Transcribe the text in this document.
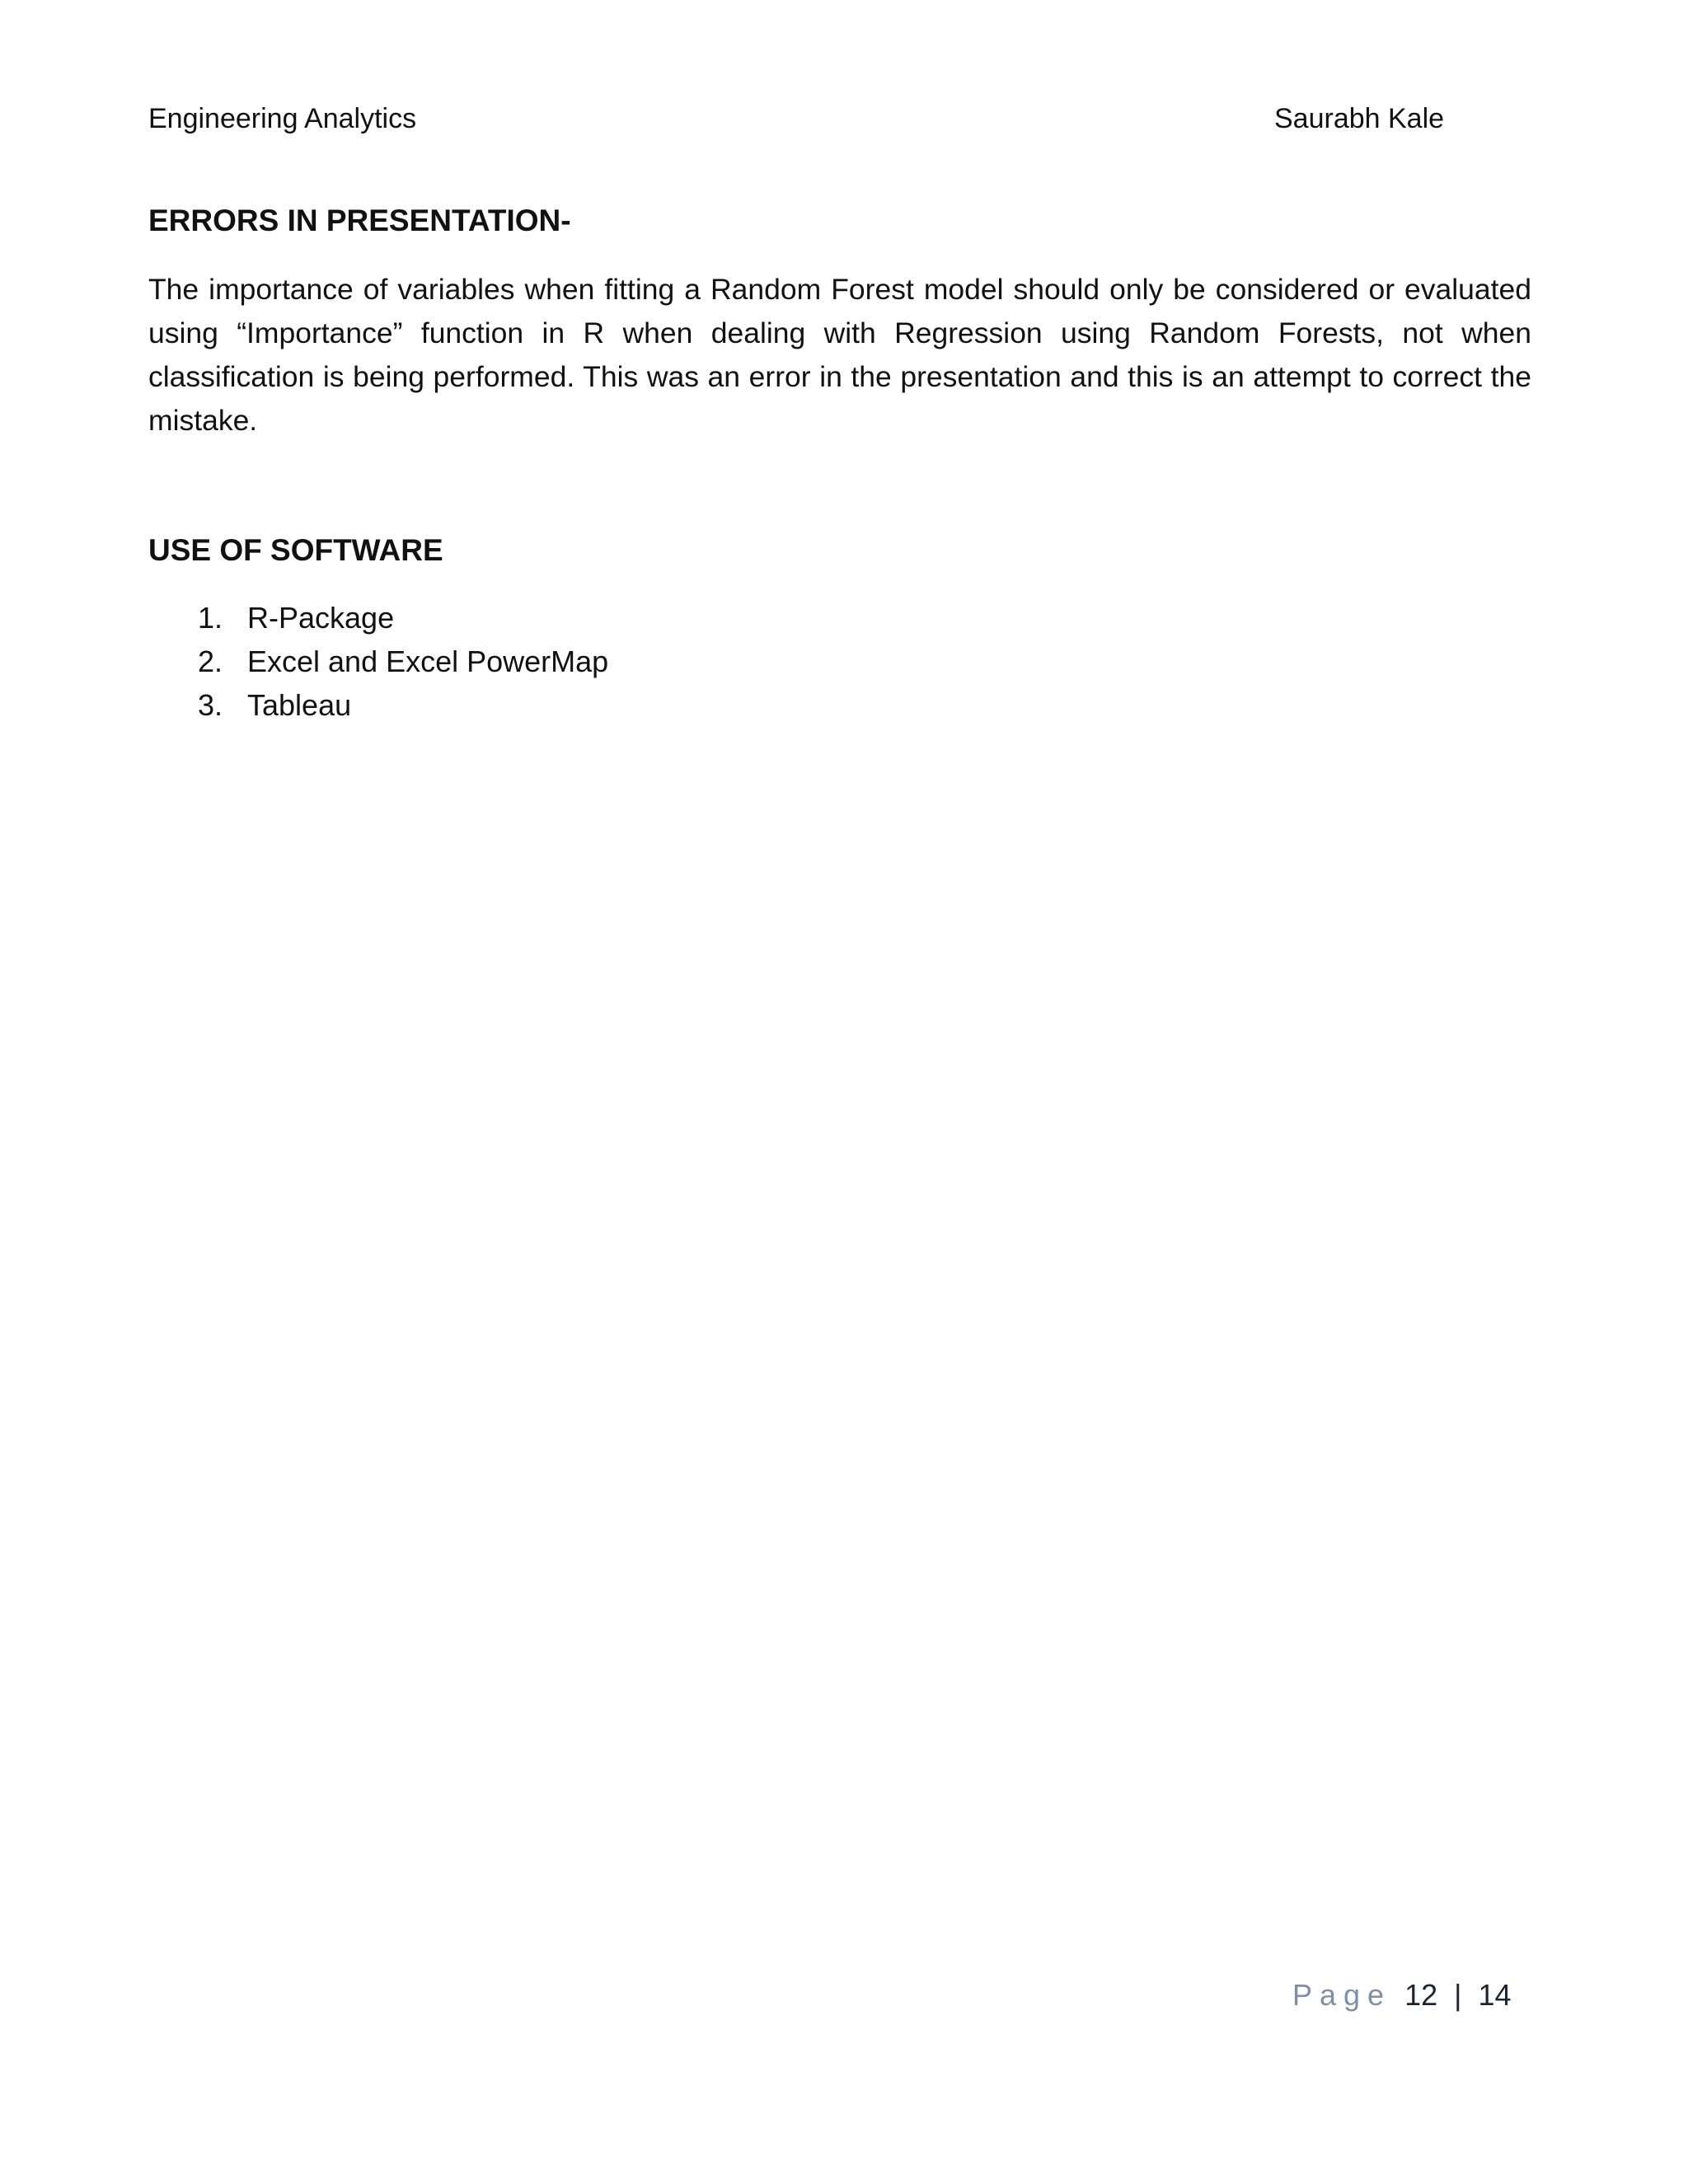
Engineering Analytics	Saurabh Kale
ERRORS IN PRESENTATION-

The importance of variables when fitting a Random Forest model should only be considered or evaluated using “Importance” function in R when dealing with Regression using Random Forests, not when classification is being performed. This was an error in the presentation and this is an attempt to correct the mistake.

USE OF SOFTWARE
1. R-Package
2. Excel and Excel PowerMap
3. Tableau
Page 12 | 14
